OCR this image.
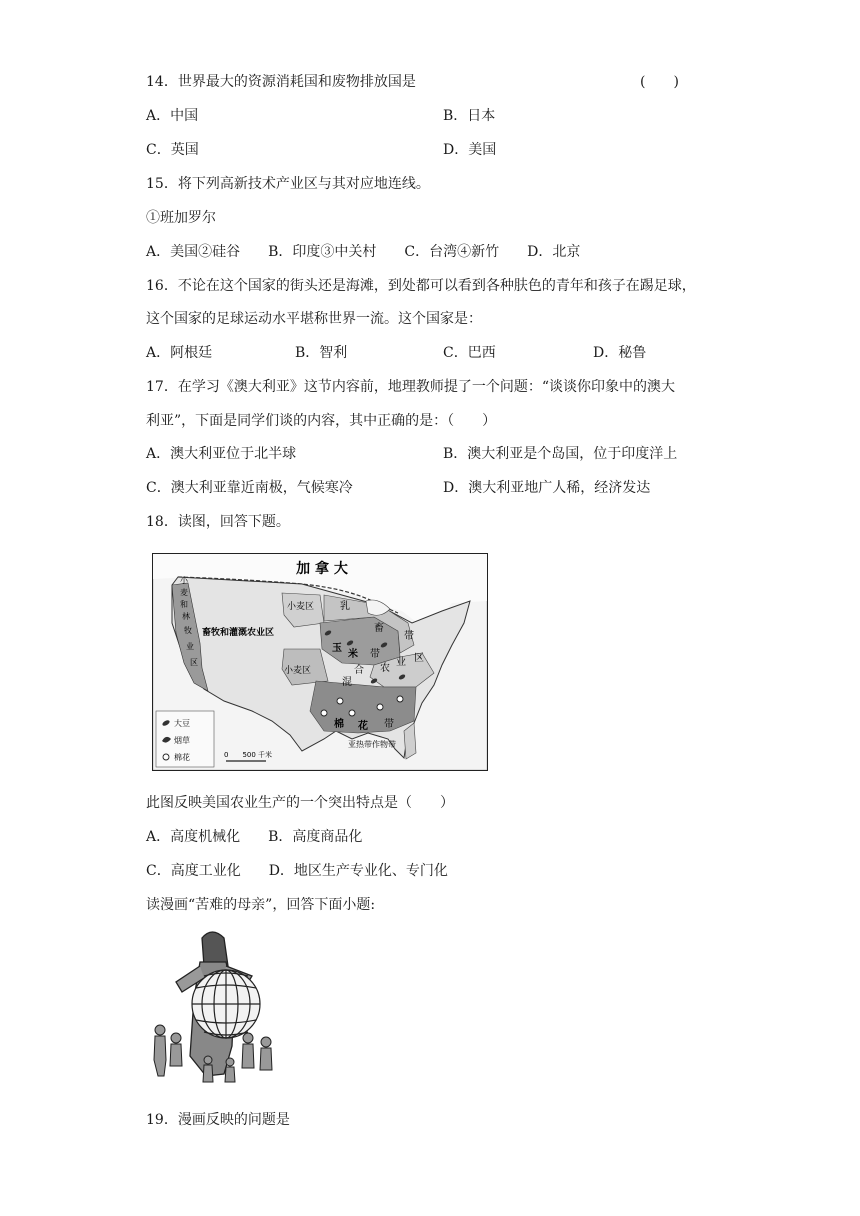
14．世界最大的资源消耗国和废物排放国是	(　　)
A．中国	B．日本
C．英国	D．美国
15．将下列高新技术产业区与其对应地连线。
①班加罗尔
A．美国②硅谷　　B．印度③中关村　　C．台湾④新竹　　D．北京
16．不论在这个国家的街头还是海滩，到处都可以看到各种肤色的青年和孩子在踢足球，
这个国家的足球运动水平堪称世界一流。这个国家是：
A．阿根廷	B．智利	C．巴西	D．秘鲁
17．在学习《澳大利亚》这节内容前，地理教师提了一个问题：“谈谈你印象中的澳大
利亚”，下面是同学们谈的内容，其中正确的是：（　　）
A．澳大利亚位于北半球	B．澳大利亚是个岛国，位于印度洋上
C．澳大利亚靠近南极，气候寒冷	D．澳大利亚地广人稀，经济发达
18．读图，回答下题。
加 拿 大
小麦区
畜牧和灌溉农业区
乳
畜
带
玉
米 带
合 农
业 区
混
小麦区
棉 花 带
亚热带作物带
小
麦
和
林
牧
业
区
大豆
烟草
棉花	0　　500 千米
此图反映美国农业生产的一个突出特点是（　　）
A．高度机械化　　B．高度商品化
C．高度工业化　　D．地区生产专业化、专门化
读漫画“苦难的母亲”，回答下面小题:
19．漫画反映的问题是
